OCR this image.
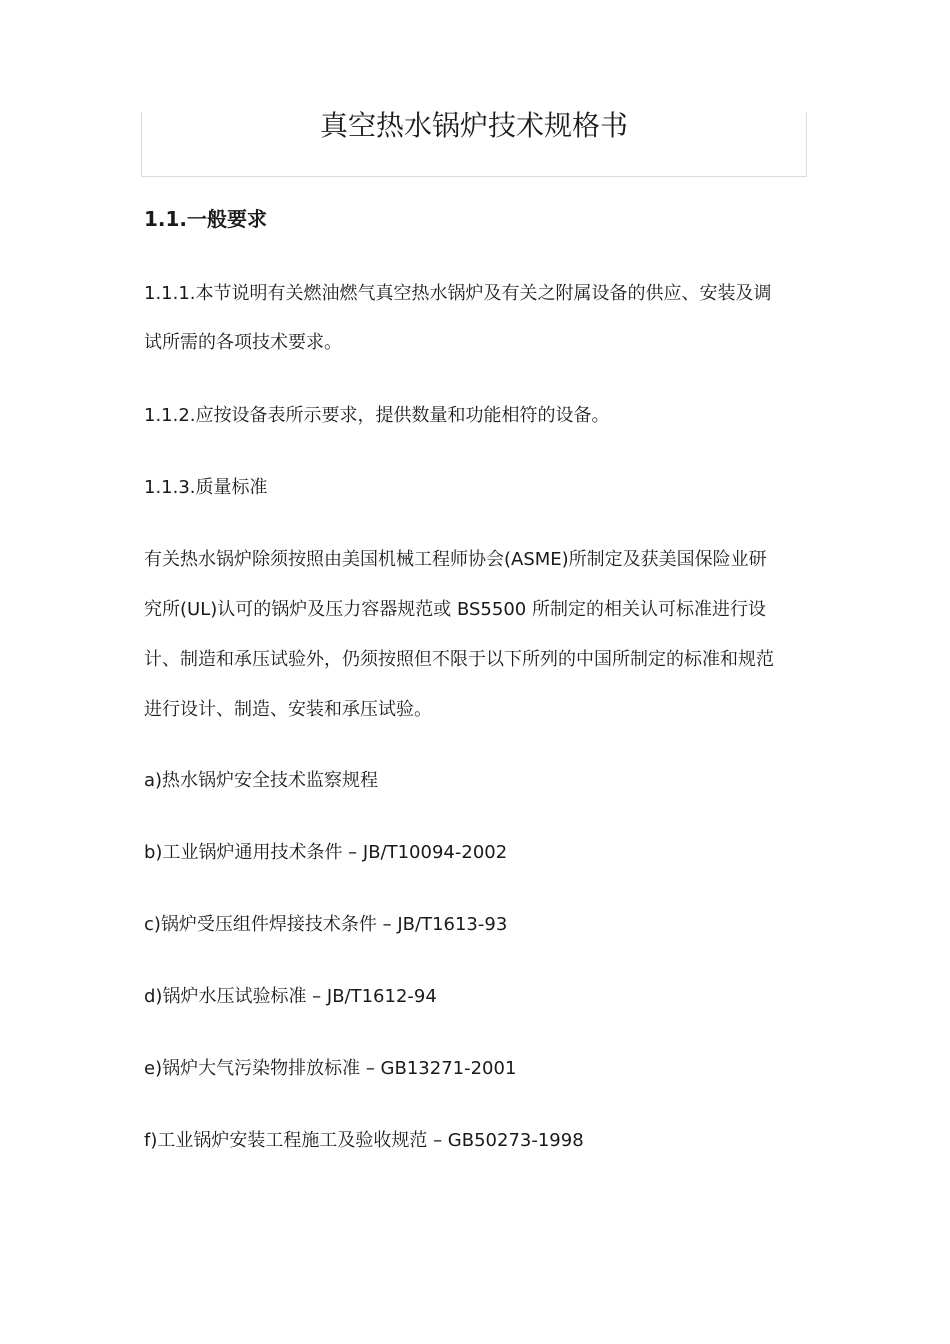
真空热水锅炉技术规格书
1.1.一般要求
1.1.1.本节说明有关燃油燃气真空热水锅炉及有关之附属设备的供应、安装及调
试所需的各项技术要求。
1.1.2.应按设备表所示要求，提供数量和功能相符的设备。
1.1.3.质量标准
有关热水锅炉除须按照由美国机械工程师协会(ASME)所制定及获美国保险业研
究所(UL)认可的锅炉及压力容器规范或 BS5500 所制定的相关认可标准进行设
计、制造和承压试验外，仍须按照但不限于以下所列的中国所制定的标准和规范
进行设计、制造、安装和承压试验。
a)热水锅炉安全技术监察规程
b)工业锅炉通用技术条件 – JB/T10094-2002
c)锅炉受压组件焊接技术条件 – JB/T1613-93
d)锅炉水压试验标准 – JB/T1612-94
e)锅炉大气污染物排放标准 – GB13271-2001
f)工业锅炉安装工程施工及验收规范 – GB50273-1998
